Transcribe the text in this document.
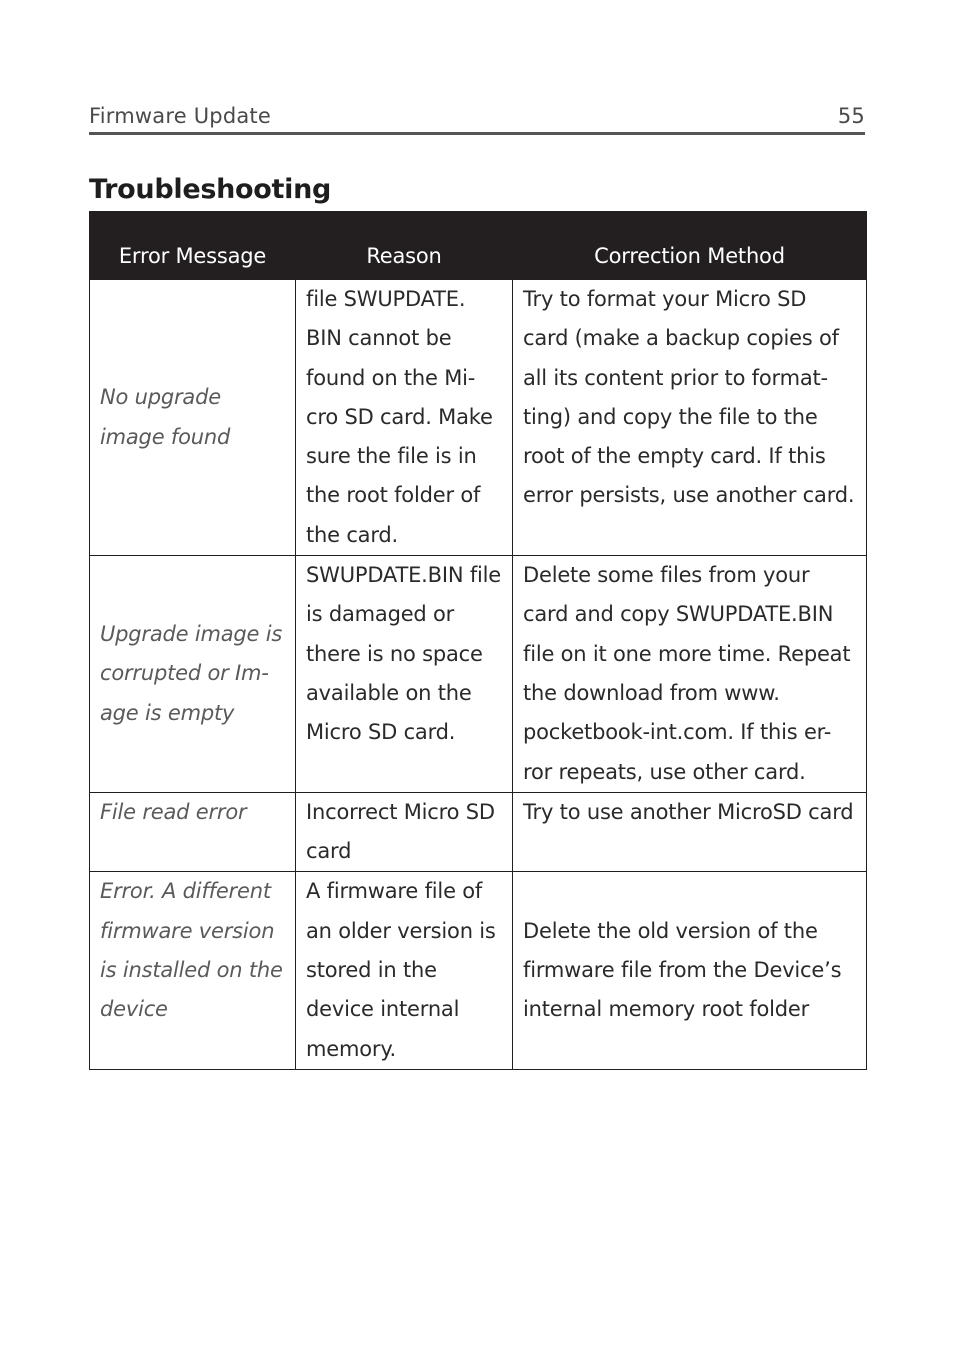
Firmware Update	55
Troubleshooting
Error Message	Reason	Correction Method
No upgrade image found	file SWUPDATE. BIN cannot be found on the Mi- cro SD card. Make sure the file is in the root folder of the card.	Try to format your Micro SD card (make a backup copies of all its content prior to format- ting) and copy the file to the root of the empty card. If this error persists, use another card.
Upgrade image is corrupted or Im- age is empty	SWUPDATE.BIN file is damaged or there is no space available on the Micro SD card.	Delete some files from your card and copy SWUPDATE.BIN file on it one more time. Repeat the download from www. pocketbook-int.com. If this er- ror repeats, use other card.
File read error	Incorrect Micro SD card	Try to use another MicroSD card
Error. A different firmware version is installed on the device	A firmware file of an older version is stored in the device internal memory.	Delete the old version of the firmware file from the Device’s internal memory root folder
